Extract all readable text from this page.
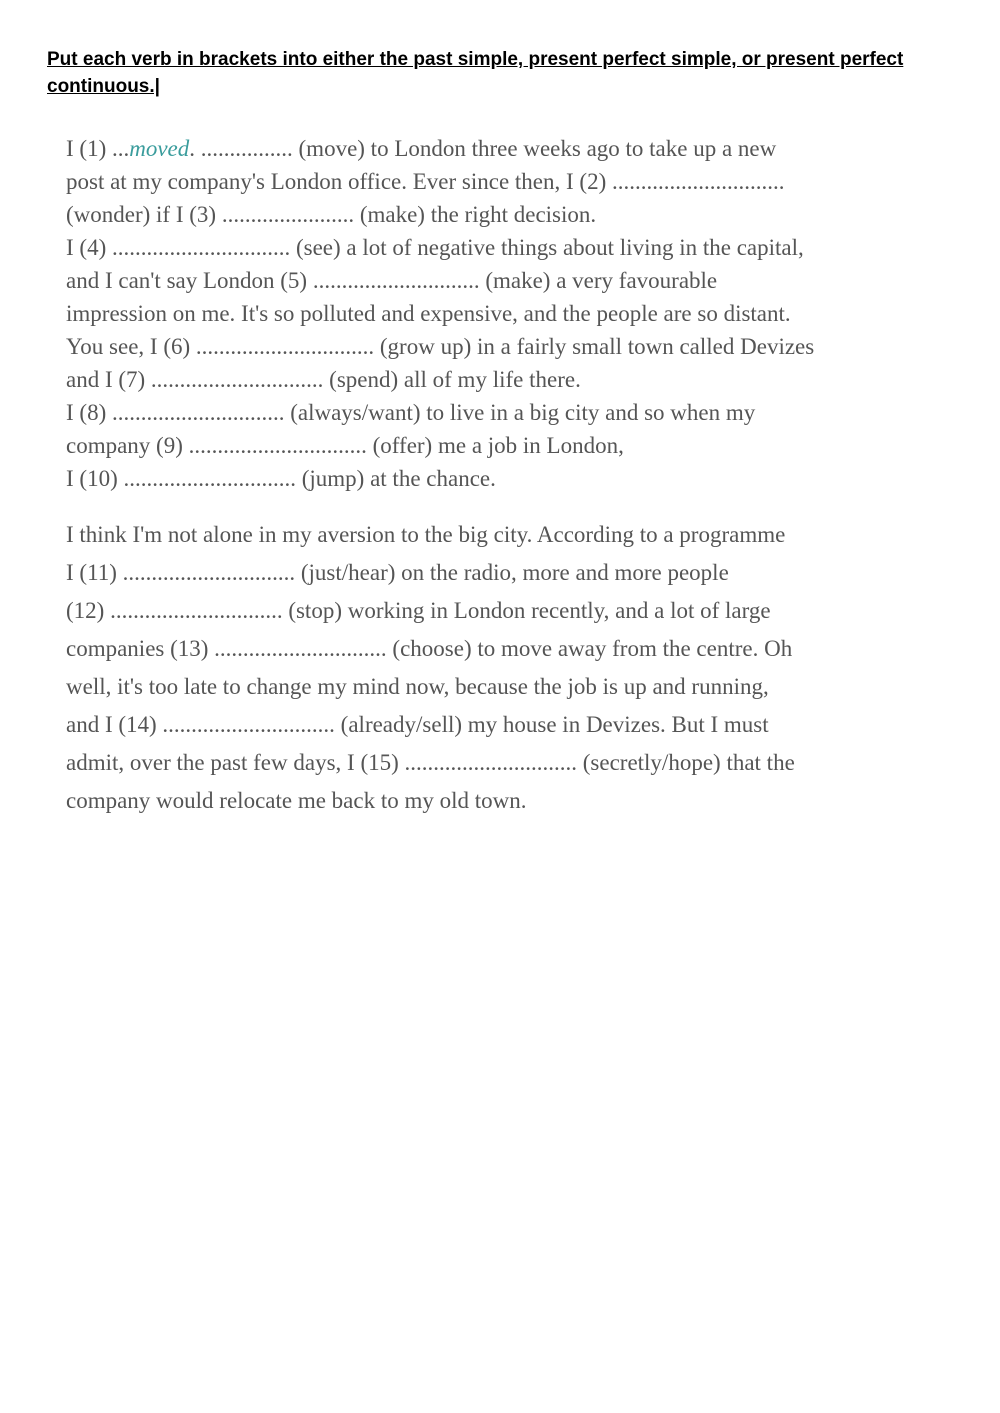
Put each verb in brackets into either the past simple, present perfect simple, or present perfect continuous.|

I (1) ...moved. ................ (move) to London three weeks ago to take up a new
post at my company's London office. Ever since then, I (2) ..............................
(wonder) if I (3) ....................... (make) the right decision.
I (4) ............................... (see) a lot of negative things about living in the capital,
and I can't say London (5) ............................. (make) a very favourable
impression on me. It's so polluted and expensive, and the people are so distant.
You see, I (6) ............................... (grow up) in a fairly small town called Devizes
and I (7) .............................. (spend) all of my life there.
I (8) .............................. (always/want) to live in a big city and so when my
company (9) ............................... (offer) me a job in London,
I (10) .............................. (jump) at the chance.
I think I'm not alone in my aversion to the big city. According to a programme
I (11) .............................. (just/hear) on the radio, more and more people
(12) .............................. (stop) working in London recently, and a lot of large
companies (13) .............................. (choose) to move away from the centre. Oh
well, it's too late to change my mind now, because the job is up and running,
and I (14) .............................. (already/sell) my house in Devizes. But I must
admit, over the past few days, I (15) .............................. (secretly/hope) that the
company would relocate me back to my old town.
